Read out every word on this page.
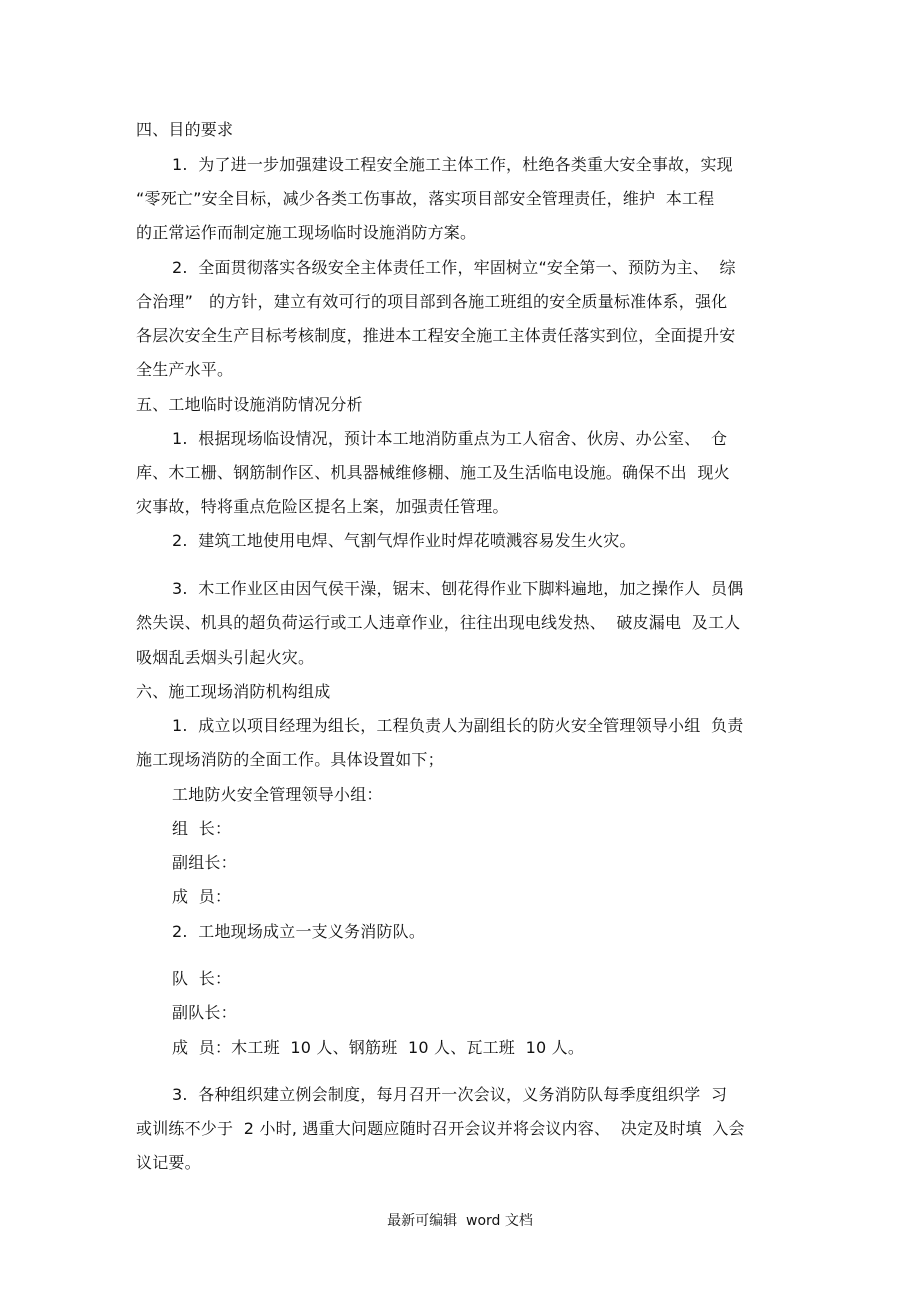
四、目的要求
1.  为了进一步加强建设工程安全施工主体工作，杜绝各类重大安全事故，实现
“零死亡”安全目标，减少各类工伤事故，落实项目部安全管理责任，维护  本工程
的正常运作而制定施工现场临时设施消防方案。
2.  全面贯彻落实各级安全主体责任工作，牢固树立“安全第一、预防为主、  综
合治理”   的方针，建立有效可行的项目部到各施工班组的安全质量标准体系，强化
各层次安全生产目标考核制度，推进本工程安全施工主体责任落实到位，全面提升安
全生产水平。
五、工地临时设施消防情况分析
1.  根据现场临设情况，预计本工地消防重点为工人宿舍、伙房、办公室、  仓
库、木工栅、钢筋制作区、机具器械维修棚、施工及生活临电设施。确保不出  现火
灾事故，特将重点危险区提名上案，加强责任管理。
2.  建筑工地使用电焊、气割气焊作业时焊花喷溅容易发生火灾。
3.  木工作业区由因气侯干澡，锯末、刨花得作业下脚料遍地，加之操作人  员偶
然失误、机具的超负荷运行或工人违章作业，往往出现电线发热、  破皮漏电  及工人
吸烟乱丢烟头引起火灾。
六、施工现场消防机构组成
1.  成立以项目经理为组长，工程负责人为副组长的防火安全管理领导小组  负责
施工现场消防的全面工作。具体设置如下；
工地防火安全管理领导小组：
组  长：
副组长：
成  员：
2.  工地现场成立一支义务消防队。
队  长：
副队长：
成  员：木工班  10 人、钢筋班  10 人、瓦工班  10 人。
3.  各种组织建立例会制度，每月召开一次会议，义务消防队每季度组织学  习
或训练不少于  2 小时, 遇重大问题应随时召开会议并将会议内容、  决定及时填  入会
议记要。
最新可编辑  word 文档
